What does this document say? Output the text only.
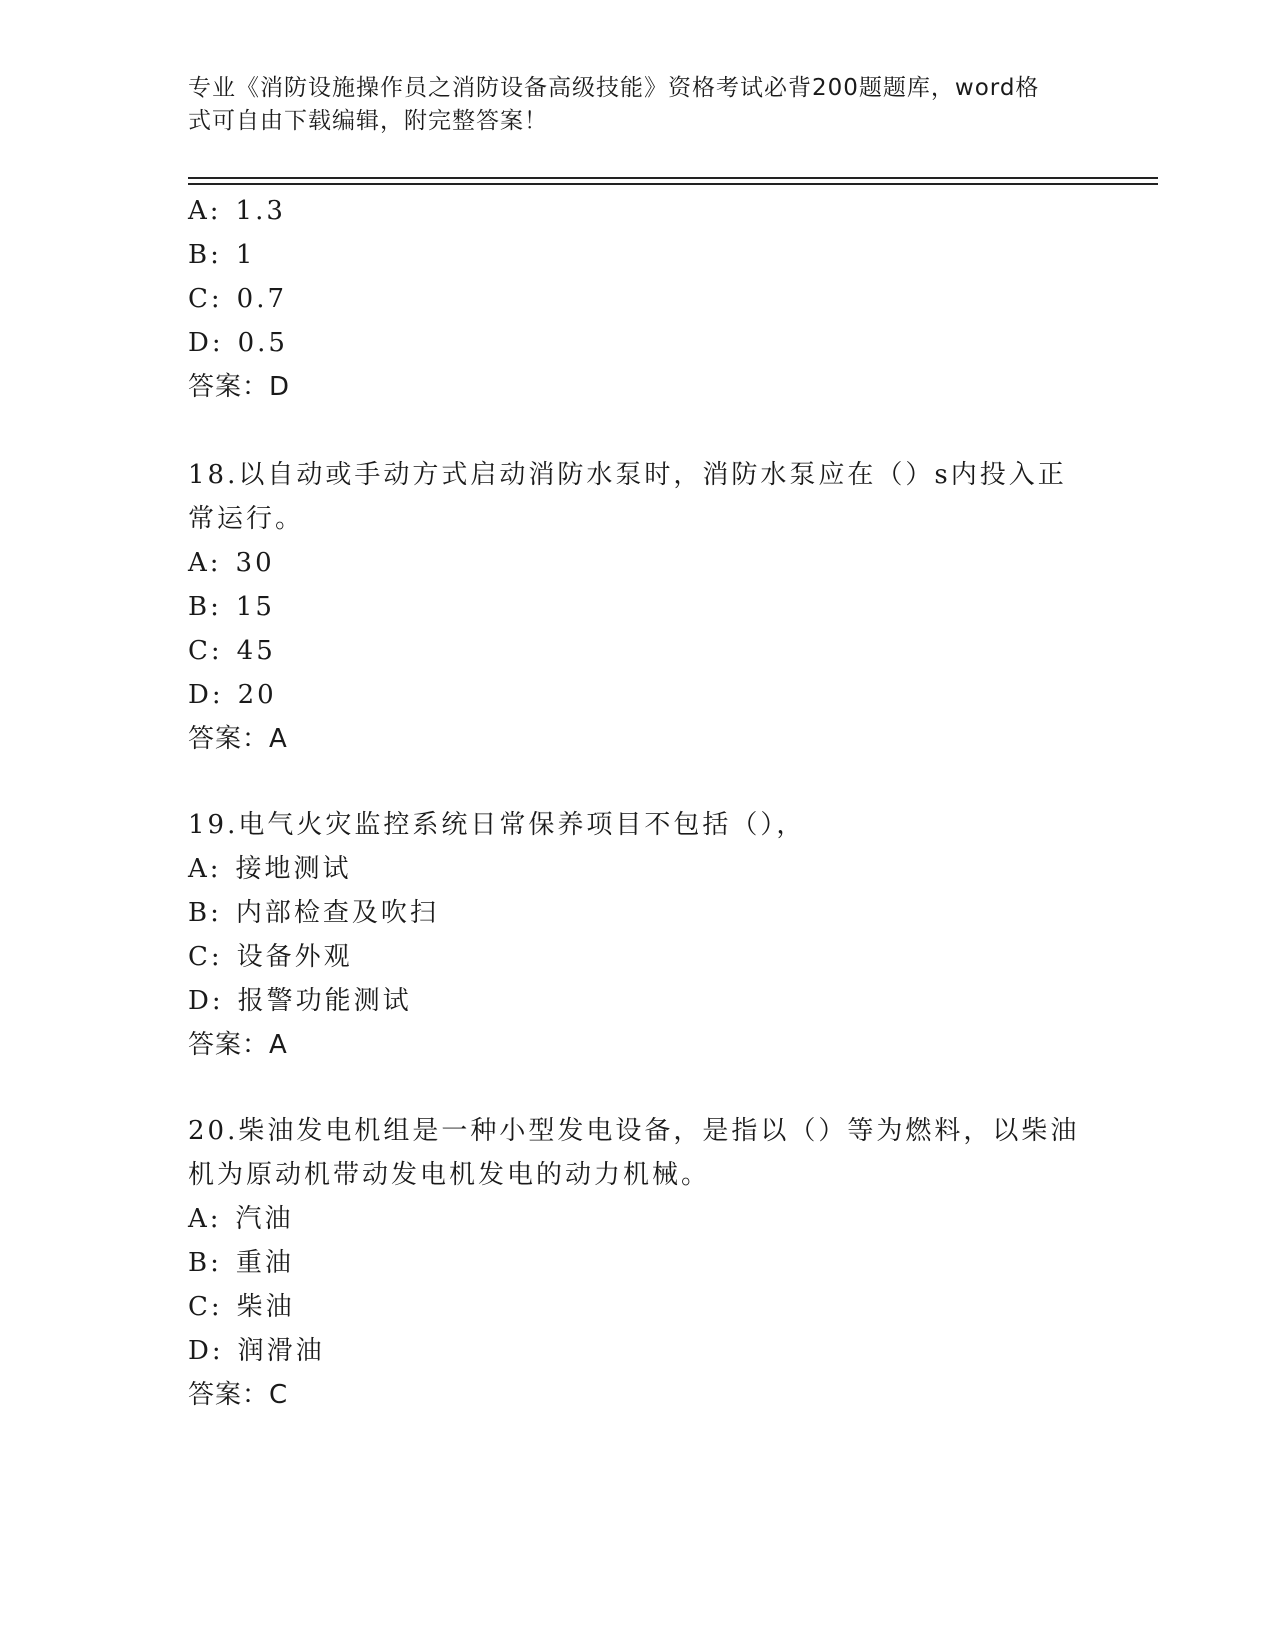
专业《消防设施操作员之消防设备高级技能》资格考试必背200题题库，word格
式可自由下载编辑，附完整答案！
A: 1.3
B: 1
C: 0.7
D: 0.5
答案：D
18.以自动或手动方式启动消防水泵时，消防水泵应在（）s内投入正
常运行。
A: 30
B: 15
C: 45
D: 20
答案：A
19.电气火灾监控系统日常保养项目不包括（），
A: 接地测试
B: 内部检查及吹扫
C: 设备外观
D: 报警功能测试
答案：A
20.柴油发电机组是一种小型发电设备，是指以（）等为燃料，以柴油
机为原动机带动发电机发电的动力机械。
A: 汽油
B: 重油
C: 柴油
D: 润滑油
答案：C
